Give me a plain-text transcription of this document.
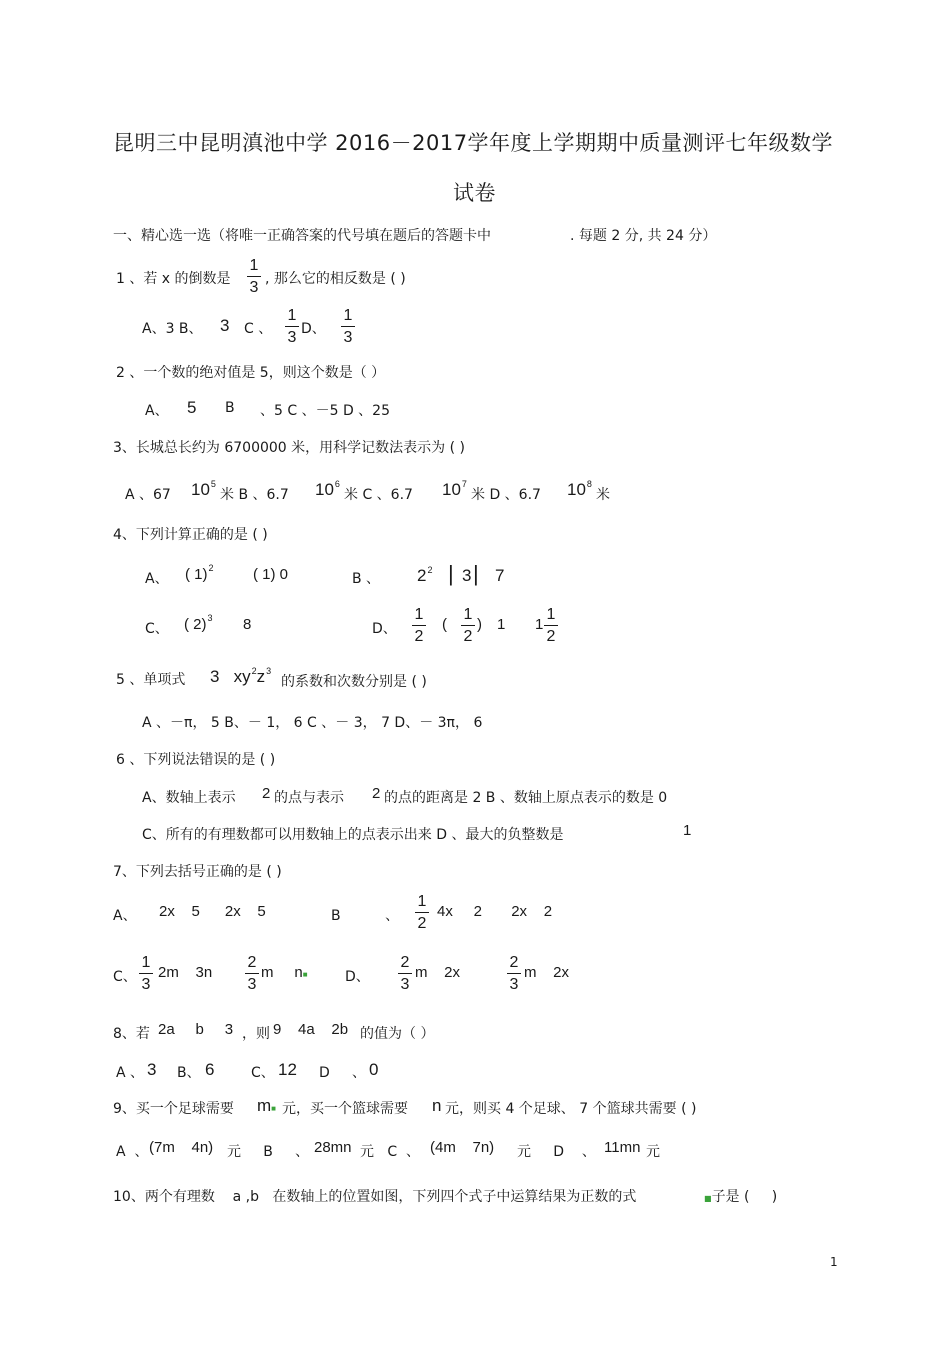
昆明三中昆明滇池中学 2016－2017学年度上学期期中质量测评七年级数学
试卷
一、精心选一选（将唯一正确答案的代号填在题后的答题卡中	. 每题 2 分, 共 24 分）
1 、若 x 的倒数是
1
3 , 那么它的相反数是 ( )
A、3 B、 3 C 、
1
3 D、
1
3
2 、一个数的绝对值是 5，则这个数是（ ）
A、 5 B 、5 C 、－5 D 、25
3、长城总长约为 6700000 米，用科学记数法表示为 ( )
A 、67 $10^5$
米 B 、6.7 $10^6$
米 C 、6.7 $10^7$
米 D 、6.7 $10^8$
米
4、下列计算正确的是 ( )
A、 ( 1)$^2$	( 1) 0	B 、 $2^2$ | 3 | 7
C、 ( 2)$^3$ 8	D、
1
2
(
1
2
) 1 1
1
2
5 、单项式 3 $xy^2z^3$
的系数和次数分别是 ( )
A 、－π， 5 B、－ 1， 6 C 、－ 3， 7 D、－ 3π， 6
6 、下列说法错误的是 ( )
A、数轴上表示 2 的点与表示 2 的点的距离是 2 B 、数轴上原点表示的数是 0
C、所有的有理数都可以用数轴上的点表示出来 D 、最大的负整数是	1
7、下列去括号正确的是 ( )
A、 2x    5      2x    5	B          、
1
2
4x     2       2x    2
C、
1
3
2m    3n
2
3
m     n■	D、
2
3
m    2x
2
3
m    2x
8、若 2a     b     3 ，则 9    4a    2b 的值为（ ）
A 、 3 B、 6	C、 12 D     、 0
9、买一个足球需要 m■ 元，买一个篮球需要 n 元，则买 4 个足球、 7 个篮球共需要 ( )
A  、 (7m    4n) 元     B     、 28mn 元   C  、 (4m    7n) 元     D    、 11mn 元
10、两个有理数    a ,b   在数轴上的位置如图，下列四个式子中运算结果为正数的式	■子是 (     )
1
